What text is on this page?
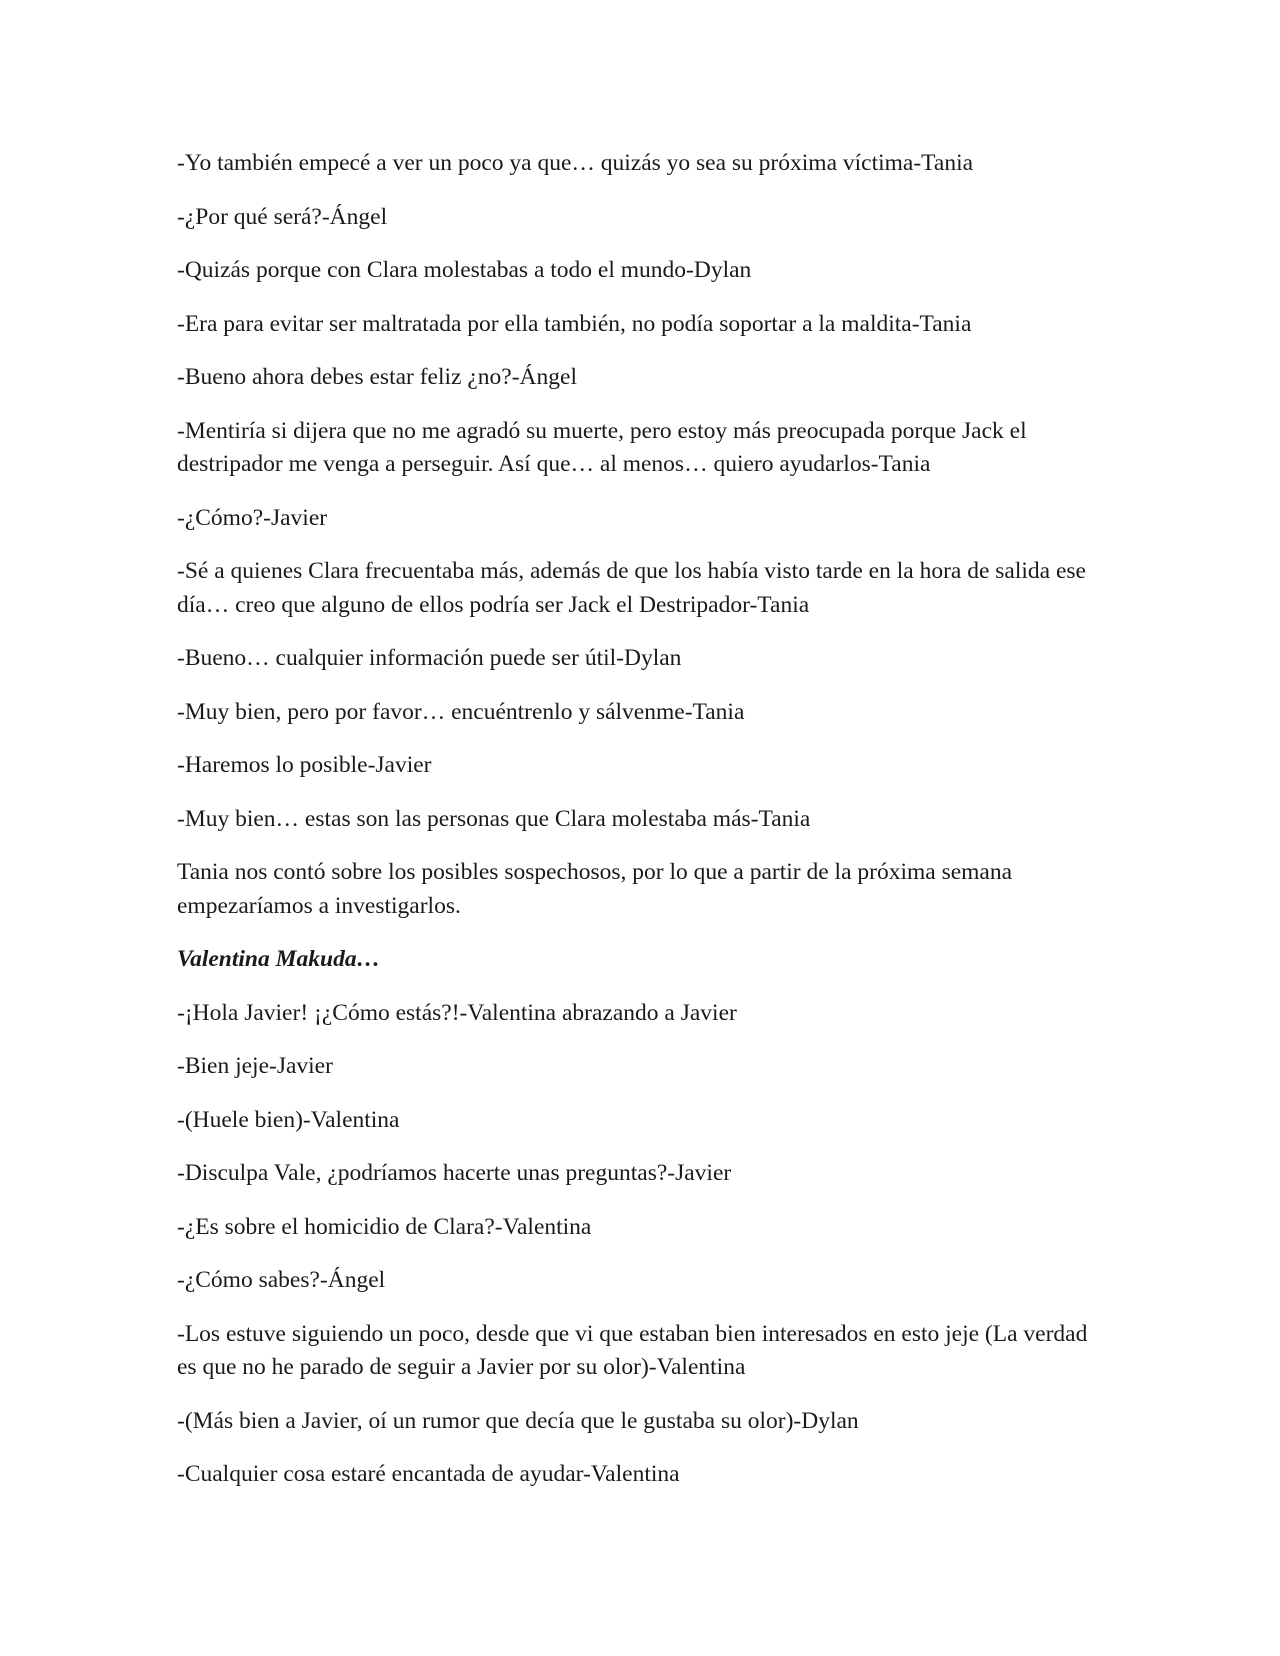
-Yo también empecé a ver un poco ya que… quizás yo sea su próxima víctima-Tania

-¿Por qué será?-Ángel

-Quizás porque con Clara molestabas a todo el mundo-Dylan

-Era para evitar ser maltratada por ella también, no podía soportar a la maldita-Tania

-Bueno ahora debes estar feliz ¿no?-Ángel

-Mentiría si dijera que no me agradó su muerte, pero estoy más preocupada porque Jack el destripador me venga a perseguir. Así que… al menos… quiero ayudarlos-Tania

-¿Cómo?-Javier

-Sé a quienes Clara frecuentaba más, además de que los había visto tarde en la hora de salida ese día… creo que alguno de ellos podría ser Jack el Destripador-Tania

-Bueno… cualquier información puede ser útil-Dylan

-Muy bien, pero por favor… encuéntrenlo y sálvenme-Tania

-Haremos lo posible-Javier

-Muy bien… estas son las personas que Clara molestaba más-Tania

Tania nos contó sobre los posibles sospechosos, por lo que a partir de la próxima semana empezaríamos a investigarlos.

Valentina Makuda…

-¡Hola Javier! ¡¿Cómo estás?!-Valentina abrazando a Javier

-Bien jeje-Javier

-(Huele bien)-Valentina

-Disculpa Vale, ¿podríamos hacerte unas preguntas?-Javier

-¿Es sobre el homicidio de Clara?-Valentina

-¿Cómo sabes?-Ángel

-Los estuve siguiendo un poco, desde que vi que estaban bien interesados en esto jeje (La verdad es que no he parado de seguir a Javier por su olor)-Valentina

-(Más bien a Javier, oí un rumor que decía que le gustaba su olor)-Dylan

-Cualquier cosa estaré encantada de ayudar-Valentina
